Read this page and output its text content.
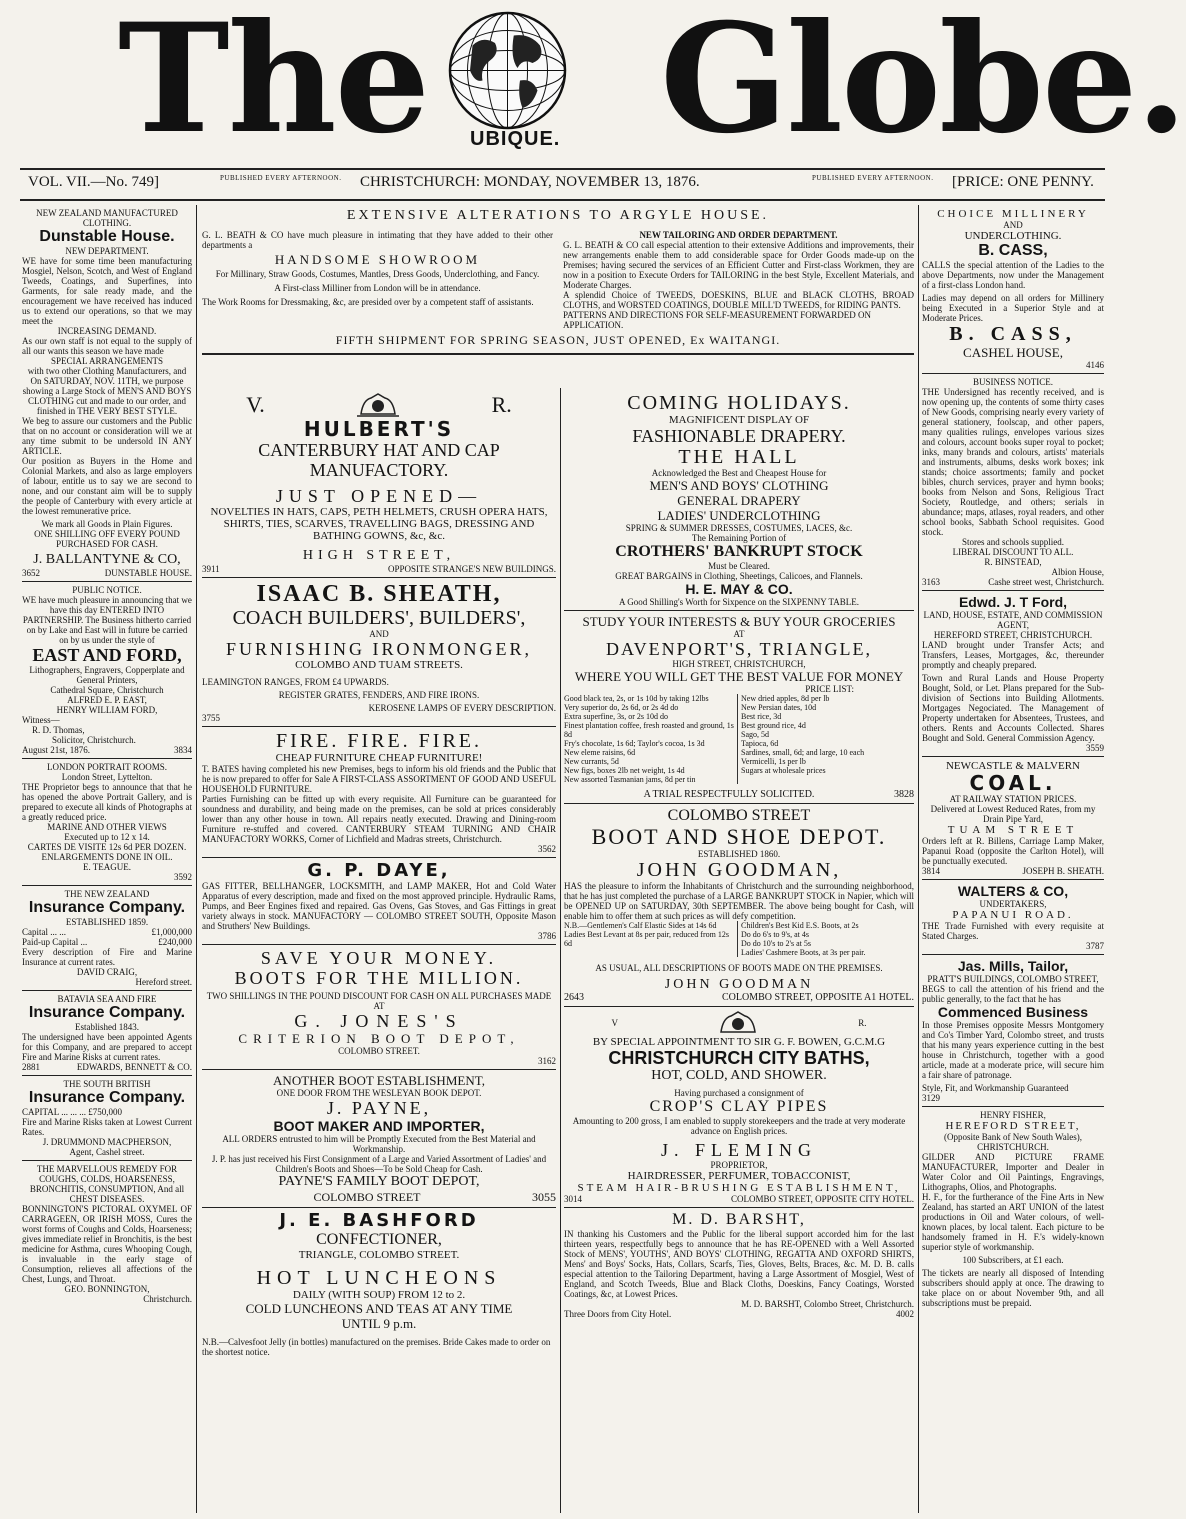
The UBIQUE. Globe.
VOL. VII.—No. 749]	PUBLISHED EVERY AFTERNOON. CHRISTCHURCH: MONDAY, NOVEMBER 13, 1876.	PUBLISHED EVERY AFTERNOON. [PRICE: ONE PENNY.
NEW ZEALAND MANUFACTURED CLOTHING.
Dunstable House.
NEW DEPARTMENT.
WE have for some time been manufacturing Mosgiel, Nelson, Scotch, and West of England Tweeds, Coatings, and Superfines, into Garments, for sale ready made, and the encouragement we have received has induced us to extend our operations, so that we may meet the
INCREASING DEMAND.
As our own staff is not equal to the supply of all our wants this season we have made
SPECIAL ARRANGEMENTS
with two other Clothing Manufacturers, and On SATURDAY, NOV. 11TH, we purpose showing a Large Stock of MEN'S AND BOYS CLOTHING cut and made to our order, and finished in THE VERY BEST STYLE.
We beg to assure our customers and the Public that on no account or consideration will we at any time submit to be undersold IN ANY ARTICLE.
Our position as Buyers in the Home and Colonial Markets, and also as large employers of labour, entitle us to say we are second to none, and our constant aim will be to supply the people of Canterbury with every article at the lowest remunerative price.
We mark all Goods in Plain Figures.
ONE SHILLING OFF EVERY POUND PURCHASED FOR CASH.
J. BALLANTYNE & CO,
3652	DUNSTABLE HOUSE.
PUBLIC NOTICE.
WE have much pleasure in announcing that we have this day ENTERED INTO PARTNERSHIP. The Business hitherto carried on by Lake and East will in future be carried on by us under the style of
EAST AND FORD,
Lithographers, Engravers, Copperplate and General Printers,
Cathedral Square, Christchurch
ALFRED E. P. EAST,
HENRY WILLIAM FORD,
Witness—
R. D. Thomas,
Solicitor, Christchurch.
August 21st, 1876.	3834
LONDON PORTRAIT ROOMS.
London Street, Lyttelton.
THE Proprietor begs to announce that that he has opened the above Portrait Gallery, and is prepared to execute all kinds of Photographs at a greatly reduced price.
MARINE AND OTHER VIEWS
Executed up to 12 x 14.
CARTES DE VISITE 12s 6d PER DOZEN.
ENLARGEMENTS DONE IN OIL.
E. TEAGUE.
3592
THE NEW ZEALAND
Insurance Company.
ESTABLISHED 1859.
Capital ... ...	£1,000,000
Paid-up Capital ...	£240,000
Every description of Fire and Marine Insurance at current rates.
DAVID CRAIG,
Hereford street.
BATAVIA SEA AND FIRE
Insurance Company.
Established 1843.
The undersigned have been appointed Agents for this Company, and are prepared to accept Fire and Marine Risks at current rates.
2881	EDWARDS, BENNETT & CO.
THE SOUTH BRITISH
Insurance Company.
CAPITAL ... ... ... £750,000
Fire and Marine Risks taken at Lowest Current Rates.
J. DRUMMOND MACPHERSON,
Agent, Cashel street.
THE MARVELLOUS REMEDY FOR COUGHS, COLDS, HOARSENESS, BRONCHITIS, CONSUMPTION, And all CHEST DISEASES.
BONNINGTON'S PICTORAL OXYMEL OF CARRAGEEN, OR IRISH MOSS, Cures the worst forms of Coughs and Colds, Hoarseness; gives immediate relief in Bronchitis, is the best medicine for Asthma, cures Whooping Cough, is invaluable in the early stage of Consumption, relieves all affections of the Chest, Lungs, and Throat.
GEO. BONNINGTON,
Christchurch.
EXTENSIVE ALTERATIONS TO ARGYLE HOUSE.
G. L. BEATH & CO have much pleasure in intimating that they have added to their other departments a
HANDSOME SHOWROOM
For Millinary, Straw Goods, Costumes, Mantles, Dress Goods, Underclothing, and Fancy.
A First-class Milliner from London will be in attendance.
The Work Rooms for Dressmaking, &c, are presided over by a competent staff of assistants.
NEW TAILORING AND ORDER DEPARTMENT.
G. L. BEATH & CO call especial attention to their extensive Additions and improvements, their new arrangements enable them to add considerable space for Order Goods made-up on the Premises; having secured the services of an Efficient Cutter and First-class Workmen, they are now in a position to Execute Orders for TAILORING in the best Style, Excellent Materials, and Moderate Charges.
A splendid Choice of TWEEDS, DOESKINS, BLUE and BLACK CLOTHS, BROAD CLOTHS, and WORSTED COATINGS, DOUBLE MILL'D TWEEDS, for RIDING PANTS.
PATTERNS AND DIRECTIONS FOR SELF-MEASUREMENT FORWARDED ON APPLICATION.
FIFTH SHIPMENT FOR SPRING SEASON, JUST OPENED, Ex WAITANGI.
V.	R.
HULBERT'S
CANTERBURY HAT AND CAP MANUFACTORY.
JUST OPENED—
NOVELTIES IN HATS, CAPS, PETH HELMETS, CRUSH OPERA HATS, SHIRTS, TIES, SCARVES, TRAVELLING BAGS, DRESSING AND BATHING GOWNS, &c, &c.
HIGH STREET,
3911	OPPOSITE STRANGE'S NEW BUILDINGS.
ISAAC B. SHEATH,
COACH BUILDERS', BUILDERS',
AND
FURNISHING IRONMONGER,
COLOMBO AND TUAM STREETS.
LEAMINGTON RANGES, FROM £4 UPWARDS.
REGISTER GRATES, FENDERS, AND FIRE IRONS.
KEROSENE LAMPS OF EVERY DESCRIPTION.
3755
FIRE. FIRE. FIRE.
CHEAP FURNITURE CHEAP FURNITURE!
T. BATES having completed his new Premises, begs to inform his old friends and the Public that he is now prepared to offer for Sale A FIRST-CLASS ASSORTMENT OF GOOD AND USEFUL HOUSEHOLD FURNITURE.
Parties Furnishing can be fitted up with every requisite. All Furniture can be guaranteed for soundness and durability, and being made on the premises, can be sold at prices considerably lower than any other house in town. All repairs neatly executed. Drawing and Dining-room Furniture re-stuffed and covered. CANTERBURY STEAM TURNING AND CHAIR MANUFACTORY WORKS, Corner of Lichfield and Madras streets, Christchurch.
3562
G. P. DAYE,
GAS FITTER, BELLHANGER, LOCKSMITH, and LAMP MAKER, Hot and Cold Water Apparatus of every description, made and fixed on the most approved principle. Hydraulic Rams, Pumps, and Beer Engines fixed and repaired. Gas Ovens, Gas Stoves, and Gas Fittings in great variety always in stock. MANUFACTORY — COLOMBO STREET SOUTH, Opposite Mason and Struthers' New Buildings.
3786
SAVE YOUR MONEY.
BOOTS FOR THE MILLION.
TWO SHILLINGS IN THE POUND DISCOUNT FOR CASH ON ALL PURCHASES MADE AT
G. JONES'S
CRITERION BOOT DEPOT,
COLOMBO STREET.
3162
ANOTHER BOOT ESTABLISHMENT,
ONE DOOR FROM THE WESLEYAN BOOK DEPOT.
J. PAYNE,
BOOT MAKER AND IMPORTER,
ALL ORDERS entrusted to him will be Promptly Executed from the Best Material and Workmanship.
J. P. has just received his First Consignment of a Large and Varied Assortment of Ladies' and Children's Boots and Shoes—To be Sold Cheap for Cash.
PAYNE'S FAMILY BOOT DEPOT,
COLOMBO STREET	3055
J. E. BASHFORD
CONFECTIONER,
TRIANGLE, COLOMBO STREET.
HOT LUNCHEONS
DAILY (WITH SOUP) FROM 12 to 2.
COLD LUNCHEONS AND TEAS AT ANY TIME
UNTIL 9 p.m.
N.B.—Calvesfoot Jelly (in bottles) manufactured on the premises. Bride Cakes made to order on the shortest notice.
COMING HOLIDAYS.
MAGNIFICENT DISPLAY OF
FASHIONABLE DRAPERY.
THE HALL
Acknowledged the Best and Cheapest House for
MEN'S AND BOYS' CLOTHING
GENERAL DRAPERY
LADIES' UNDERCLOTHING
SPRING & SUMMER DRESSES, COSTUMES, LACES, &c.
The Remaining Portion of
CROTHERS' BANKRUPT STOCK
Must be Cleared.
GREAT BARGAINS in Clothing, Sheetings, Calicoes, and Flannels.
H. E. MAY & CO.
A Good Shilling's Worth for Sixpence on the SIXPENNY TABLE.
STUDY YOUR INTERESTS & BUY YOUR GROCERIES
AT
DAVENPORT'S, TRIANGLE,
HIGH STREET, CHRISTCHURCH,
WHERE YOU WILL GET THE BEST VALUE FOR MONEY
PRICE LIST:
Good black tea, 2s, or 1s 10d by taking 12lbs
Very superior do, 2s 6d, or 2s 4d do
Extra superfine, 3s, or 2s 10d do
Finest plantation coffee, fresh roasted and ground, 1s 8d
Fry's chocolate, 1s 6d; Taylor's cocoa, 1s 3d
New eleme raisins, 6d
New currants, 5d
New figs, boxes 2lb net weight, 1s 4d
New assorted Tasmanian jams, 8d per tin
New dried apples, 8d per lb
New Persian dates, 10d
Best rice, 3d
Best ground rice, 4d
Sago, 5d
Tapioca, 6d
Sardines, small, 6d; and large, 10 each
Vermicelli, 1s per lb
Sugars at wholesale prices
A TRIAL RESPECTFULLY SOLICITED.	3828
COLOMBO STREET
BOOT AND SHOE DEPOT.
ESTABLISHED 1860.
JOHN GOODMAN,
HAS the pleasure to inform the Inhabitants of Christchurch and the surrounding neighborhood, that he has just completed the purchase of a LARGE BANKRUPT STOCK in Napier, which will be OPENED UP on SATURDAY, 30th SEPTEMBER. The above being bought for Cash, will enable him to offer them at such prices as will defy competition.
N.B.—Gentlemen's Calf Elastic Sides at 14s 6d
Ladies Best Levant at 8s per pair, reduced from 12s 6d
Children's Best Kid E.S. Boots, at 2s
Do do 6's to 9's, at 4s
Do do 10's to 2's at 5s
Ladies' Cashmere Boots, at 3s per pair.
AS USUAL, ALL DESCRIPTIONS OF BOOTS MADE ON THE PREMISES.
JOHN GOODMAN
2643	COLOMBO STREET, OPPOSITE A1 HOTEL.
V	R.
BY SPECIAL APPOINTMENT TO SIR G. F. BOWEN, G.C.M.G
CHRISTCHURCH CITY BATHS,
HOT, COLD, AND SHOWER.
Having purchased a consignment of
CROP'S CLAY PIPES
Amounting to 200 gross, I am enabled to supply storekeepers and the trade at very moderate advance on English prices.
J. FLEMING
PROPRIETOR,
HAIRDRESSER, PERFUMER, TOBACCONIST,
STEAM HAIR-BRUSHING ESTABLISHMENT,
3014	COLOMBO STREET, OPPOSITE CITY HOTEL.
M. D. BARSHT,
IN thanking his Customers and the Public for the liberal support accorded him for the last thirteen years, respectfully begs to announce that he has RE-OPENED with a Well Assorted Stock of MENS', YOUTHS', AND BOYS' CLOTHING, REGATTA AND OXFORD SHIRTS, Mens' and Boys' Socks, Hats, Collars, Scarfs, Ties, Gloves, Belts, Braces, &c. M. D. B. calls especial attention to the Tailoring Department, having a Large Assortment of Mosgiel, West of England, and Scotch Tweeds, Blue and Black Cloths, Doeskins, Fancy Coatings, Worsted Coatings, &c, at Lowest Prices.
M. D. BARSHT, Colombo Street, Christchurch.
Three Doors from City Hotel.	4002
CHOICE MILLINERY
AND
UNDERCLOTHING.
B. CASS,
CALLS the special attention of the Ladies to the above Departments, now under the Management of a first-class London hand.
Ladies may depend on all orders for Millinery being Executed in a Superior Style and at Moderate Prices.
B. CASS,
CASHEL HOUSE,
4146
BUSINESS NOTICE.
THE Undersigned has recently received, and is now opening up, the contents of some thirty cases of New Goods, comprising nearly every variety of general stationery, foolscap, and other papers, many qualities rulings, envelopes various sizes and colours, account books super royal to pocket; inks, many brands and colours, artists' materials and instruments, albums, desks work boxes; ink stands; choice assortments; family and pocket bibles, church services, prayer and hymn books; books from Nelson and Sons, Religious Tract Society, Routledge, and others; serials in abundance; maps, atlases, royal readers, and other school books, Sabbath School requisites. Good stock.
Stores and schools supplied.
LIBERAL DISCOUNT TO ALL.
R. BINSTEAD,
Albion House,
3163	Cashe street west, Christchurch.
Edwd. J. T Ford,
LAND, HOUSE, ESTATE, AND COMMISSION AGENT,
HEREFORD STREET, CHRISTCHURCH.
LAND brought under Transfer Acts; and Transfers, Leases, Mortgages, &c, thereunder promptly and cheaply prepared.
Town and Rural Lands and House Property Bought, Sold, or Let. Plans prepared for the Sub-division of Sections into Building Allotments. Mortgages Negociated. The Management of Property undertaken for Absentees, Trustees, and others. Rents and Accounts Collected. Shares Bought and Sold. General Commission Agency.
3559
NEWCASTLE & MALVERN
COAL.
AT RAILWAY STATION PRICES.
Delivered at Lowest Reduced Rates, from my Drain Pipe Yard,
TUAM STREET
Orders left at R. Billens, Carriage Lamp Maker, Papanui Road (opposite the Carlton Hotel), will be punctually executed.
3814	JOSEPH B. SHEATH.
WALTERS & CO,
UNDERTAKERS,
PAPANUI ROAD.
THE Trade Furnished with every requisite at Stated Charges.
3787
Jas. Mills, Tailor,
PRATT'S BUILDINGS, COLOMBO STREET,
BEGS to call the attention of his friend and the public generally, to the fact that he has
Commenced Business
In those Premises opposite Messrs Montgomery and Co's Timber Yard, Colombo street, and trusts that his many years experience cutting in the best house in Christchurch, together with a good article, made at a moderate price, will secure him a fair share of patronage.
Style, Fit, and Workmanship Guaranteed
3129
HENRY FISHER,
HEREFORD STREET,
(Opposite Bank of New South Wales),
CHRISTCHURCH.
GILDER AND PICTURE FRAME MANUFACTURER, Importer and Dealer in Water Color and Oil Paintings, Engravings, Lithographs, Olios, and Photographs.
H. F., for the furtherance of the Fine Arts in New Zealand, has started an ART UNION of the latest productions in Oil and Water colours, of well-known places, by local talent. Each picture to be handsomely framed in H. F.'s widely-known superior style of workmanship.
100 Subscribers, at £1 each.
The tickets are nearly all disposed of Intending subscribers should apply at once. The drawing to take place on or about November 9th, and all subscriptions must be prepaid.
